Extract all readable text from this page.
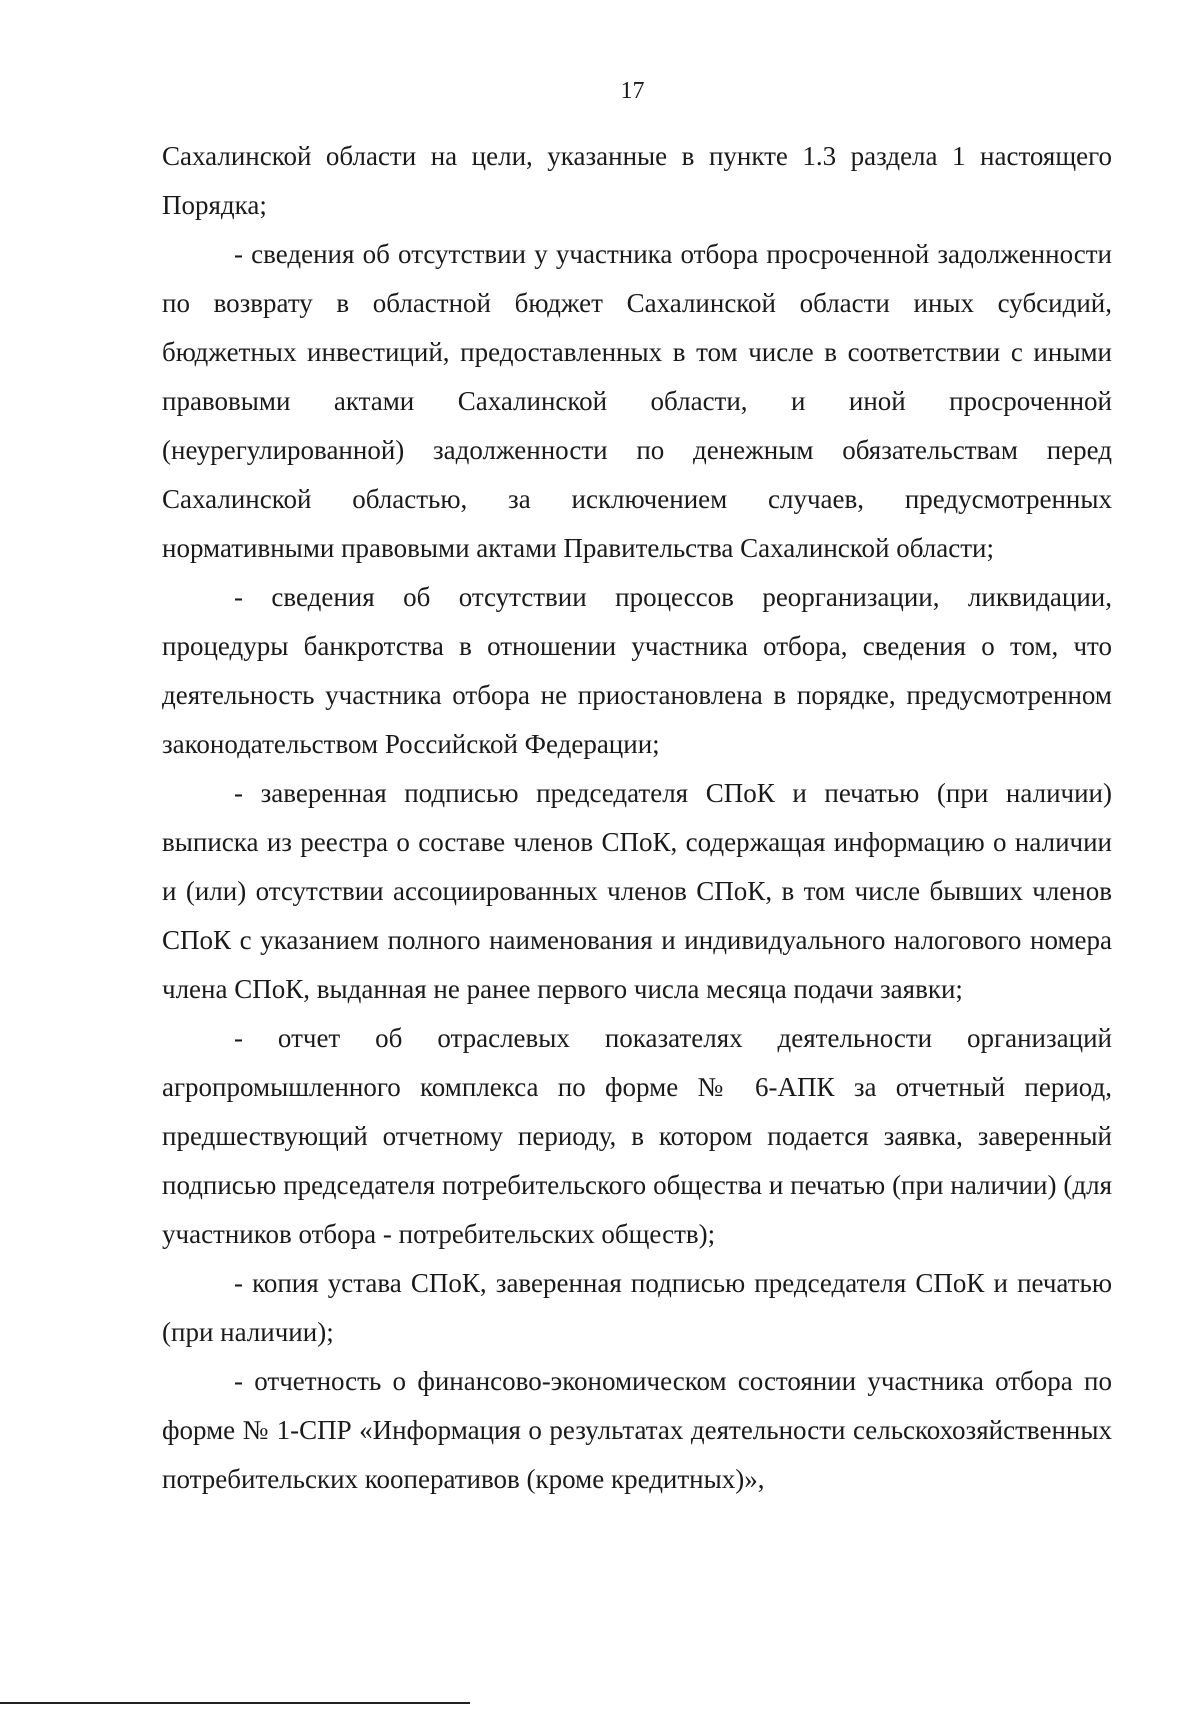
17

Сахалинской области на цели, указанные в пункте 1.3 раздела 1 настоящего Порядка;

- сведения об отсутствии у участника отбора просроченной задолженности по возврату в областной бюджет Сахалинской области иных субсидий, бюджетных инвестиций, предоставленных в том числе в соответствии с иными правовыми актами Сахалинской области, и иной просроченной (неурегулированной) задолженности по денежным обязательствам перед Сахалинской областью, за исключением случаев, предусмотренных нормативными правовыми актами Правительства Сахалинской области;

- сведения об отсутствии процессов реорганизации, ликвидации, процедуры банкротства в отношении участника отбора, сведения о том, что деятельность участника отбора не приостановлена в порядке, предусмотренном законодательством Российской Федерации;

- заверенная подписью председателя СПоК и печатью (при наличии) выписка из реестра о составе членов СПоК, содержащая информацию о наличии и (или) отсутствии ассоциированных членов СПоК, в том числе бывших членов СПоК с указанием полного наименования и индивидуального налогового номера члена СПоК, выданная не ранее первого числа месяца подачи заявки;

- отчет об отраслевых показателях деятельности организаций агропромышленного комплекса по форме № 6-АПК за отчетный период, предшествующий отчетному периоду, в котором подается заявка, заверенный подписью председателя потребительского общества и печатью (при наличии) (для участников отбора - потребительских обществ);

- копия устава СПоК, заверенная подписью председателя СПоК и печатью (при наличии);

- отчетность о финансово-экономическом состоянии участника отбора по форме № 1-СПР «Информация о результатах деятельности сельскохозяйственных потребительских кооперативов (кроме кредитных)»,
